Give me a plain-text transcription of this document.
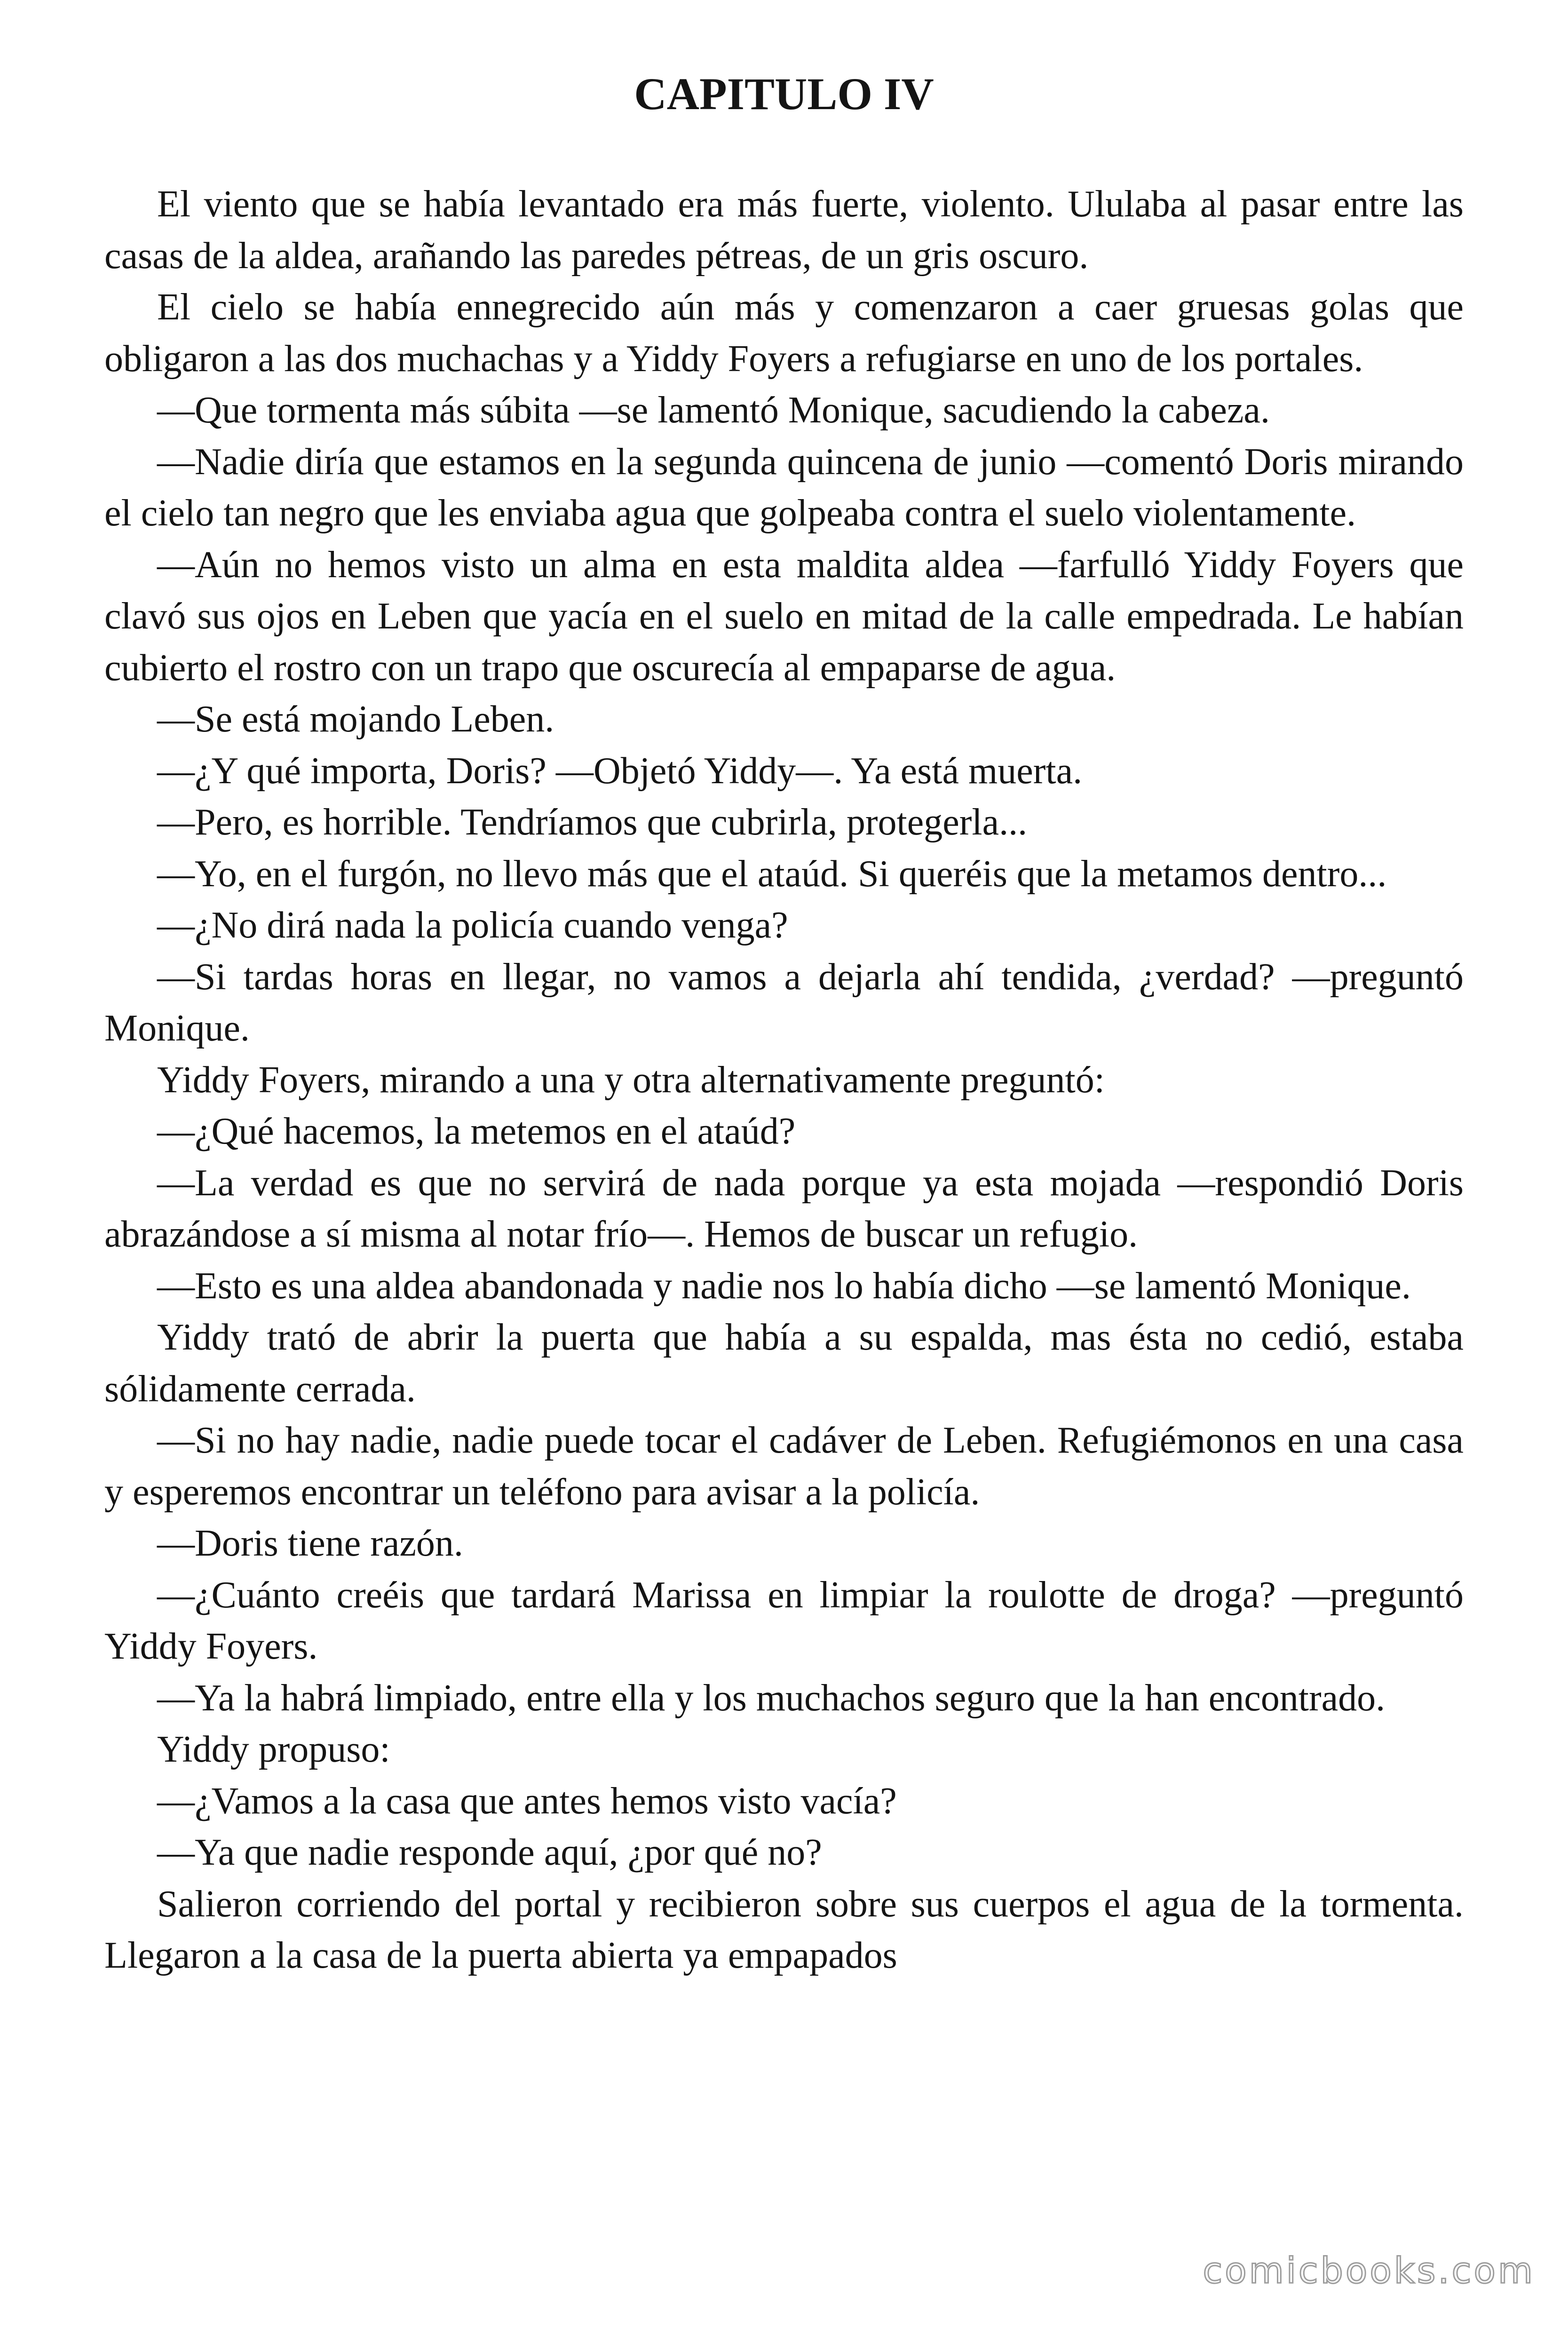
CAPITULO IV

El viento que se había levantado era más fuerte, violento. Ululaba al pasar entre las casas de la aldea, arañando las paredes pétreas, de un gris oscuro.

El cielo se había ennegrecido aún más y comenzaron a caer gruesas golas que obligaron a las dos muchachas y a Yiddy Foyers a refugiarse en uno de los portales.

—Que tormenta más súbita —se lamentó Monique, sacudiendo la cabeza.

—Nadie diría que estamos en la segunda quincena de junio —comentó Doris mirando el cielo tan negro que les enviaba agua que golpeaba contra el suelo violentamente.

—Aún no hemos visto un alma en esta maldita aldea —farfulló Yiddy Foyers que clavó sus ojos en Leben que yacía en el suelo en mitad de la calle empedrada. Le habían cubierto el rostro con un trapo que oscurecía al empaparse de agua.

—Se está mojando Leben.

—¿Y qué importa, Doris? —Objetó Yiddy—. Ya está muerta.

—Pero, es horrible. Tendríamos que cubrirla, protegerla...

—Yo, en el furgón, no llevo más que el ataúd. Si queréis que la metamos dentro...

—¿No dirá nada la policía cuando venga?

—Si tardas horas en llegar, no vamos a dejarla ahí tendida, ¿verdad? —preguntó Monique.

Yiddy Foyers, mirando a una y otra alternativamente preguntó:

—¿Qué hacemos, la metemos en el ataúd?

—La verdad es que no servirá de nada porque ya esta mojada —respondió Doris abrazándose a sí misma al notar frío—. Hemos de buscar un refugio.

—Esto es una aldea abandonada y nadie nos lo había dicho —se lamentó Monique.

Yiddy trató de abrir la puerta que había a su espalda, mas ésta no cedió, estaba sólidamente cerrada.

—Si no hay nadie, nadie puede tocar el cadáver de Leben. Refugiémonos en una casa y esperemos encontrar un teléfono para avisar a la policía.

—Doris tiene razón.

—¿Cuánto creéis que tardará Marissa en limpiar la roulotte de droga? —preguntó Yiddy Foyers.

—Ya la habrá limpiado, entre ella y los muchachos seguro que la han encontrado.

Yiddy propuso:

—¿Vamos a la casa que antes hemos visto vacía?

—Ya que nadie responde aquí, ¿por qué no?

Salieron corriendo del portal y recibieron sobre sus cuerpos el agua de la tormenta. Llegaron a la casa de la puerta abierta ya empapados

comicbooks.com
